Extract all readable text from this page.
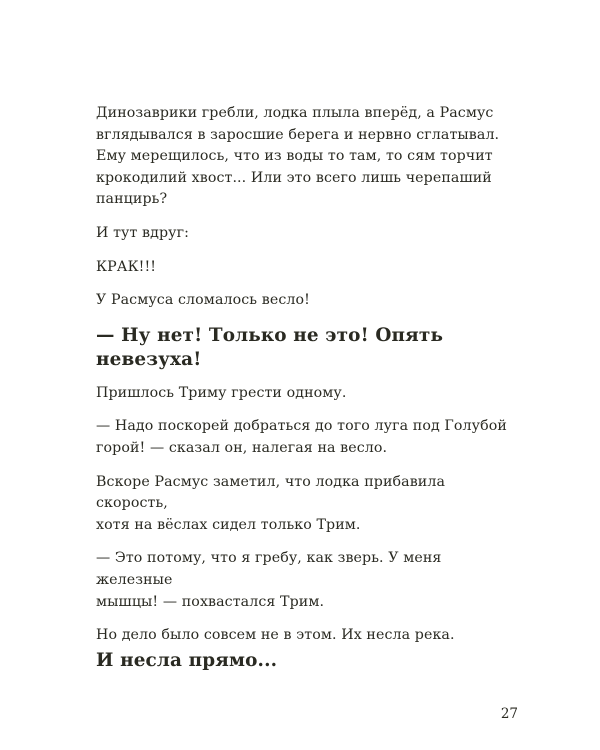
Динозаврики гребли, лодка плыла вперёд, а Расмус
вглядывался в заросшие берега и нервно сглатывал.
Ему мерещилось, что из воды то там, то сям торчит
крокодилий хвост... Или это всего лишь черепаший
панцирь?

И тут вдруг:

КРАК!!!

У Расмуса сломалось весло!

— Ну нет! Только не это! Опять невезуха!

Пришлось Триму грести одному.

— Надо поскорей добраться до того луга под Голубой
горой! — сказал он, налегая на весло.

Вскоре Расмус заметил, что лодка прибавила скорость,
хотя на вёслах сидел только Трим.

— Это потому, что я гребу, как зверь. У меня железные
мышцы! — похвастался Трим.

Но дело было совсем не в этом. Их несла река.

И несла прямо...

27
